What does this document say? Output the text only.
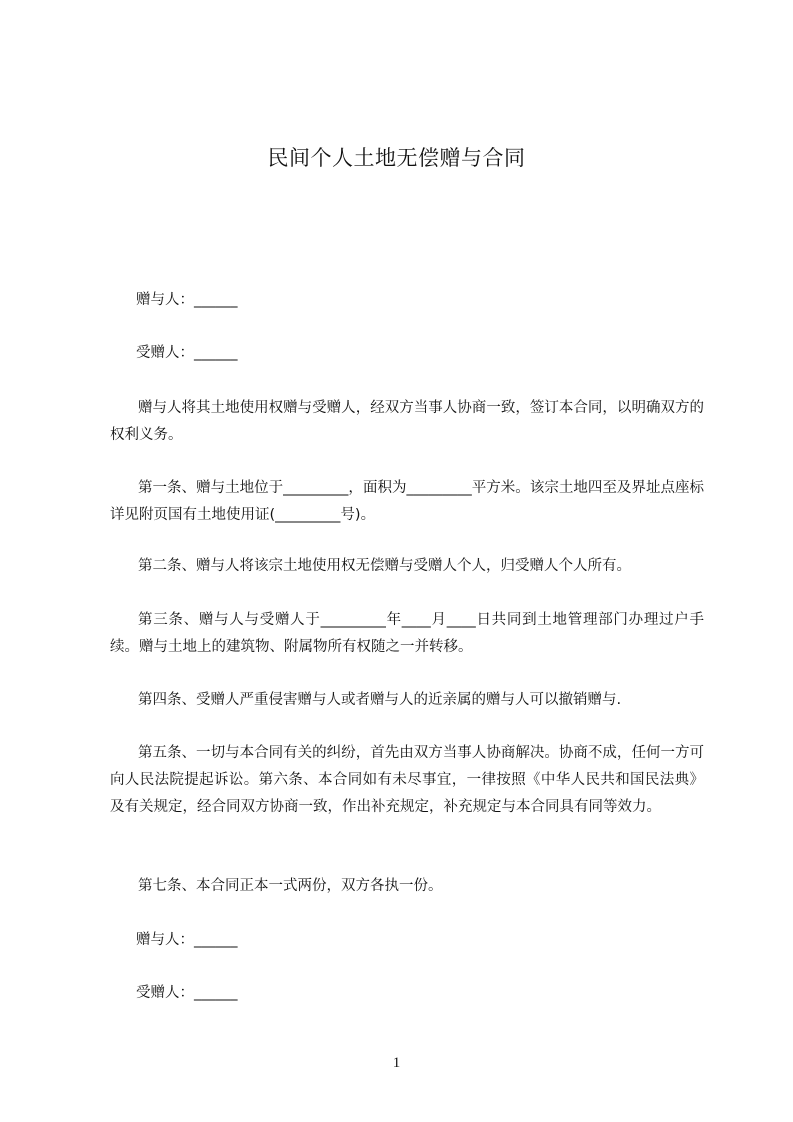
民间个人土地无偿赠与合同
赠与人：______
受赠人：______
赠与人将其土地使用权赠与受赠人，经双方当事人协商一致，签订本合同，以明确双方的权利义务。
第一条、赠与土地位于_________，面积为_________平方米。该宗土地四至及界址点座标详见附页国有土地使用证(_________号)。
第二条、赠与人将该宗土地使用权无偿赠与受赠人个人，归受赠人个人所有。
第三条、赠与人与受赠人于_________年____月____日共同到土地管理部门办理过户手续。赠与土地上的建筑物、附属物所有权随之一并转移。
第四条、受赠人严重侵害赠与人或者赠与人的近亲属的赠与人可以撤销赠与.
第五条、一切与本合同有关的纠纷，首先由双方当事人协商解决。协商不成，任何一方可向人民法院提起诉讼。第六条、本合同如有未尽事宜，一律按照《中华人民共和国民法典》及有关规定，经合同双方协商一致，作出补充规定，补充规定与本合同具有同等效力。
第七条、本合同正本一式两份，双方各执一份。
赠与人：______
受赠人：______
1
